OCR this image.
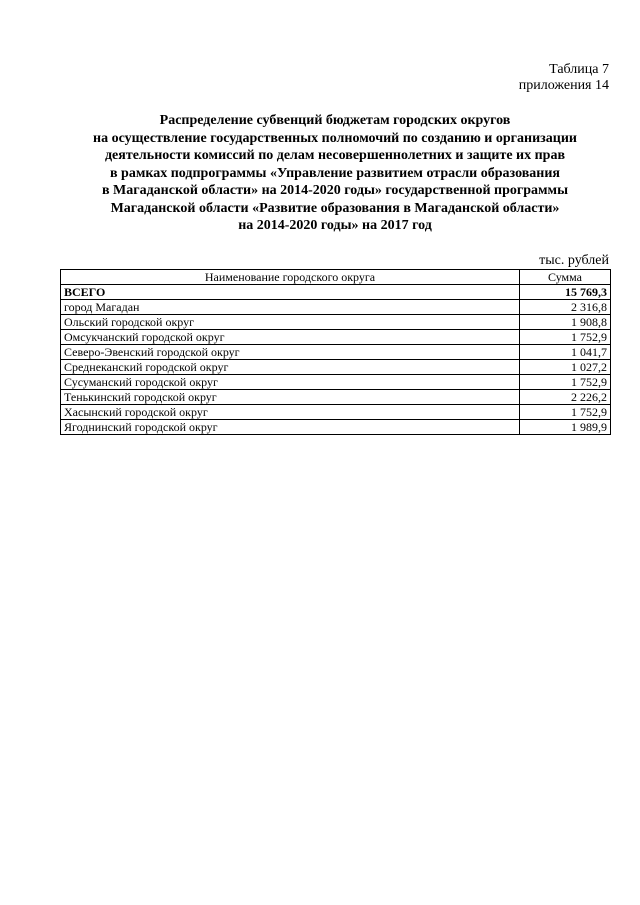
Таблица 7
приложения 14
Распределение субвенций бюджетам городских округов
на осуществление государственных полномочий по созданию и организации
деятельности комиссий по делам несовершеннолетних и защите их прав
в рамках подпрограммы «Управление развитием отрасли образования
в Магаданской области» на 2014-2020 годы» государственной программы
Магаданской области «Развитие образования в Магаданской области»
на 2014-2020 годы» на 2017 год
тыс. рублей
Наименование городского округа	Сумма
ВСЕГО	15 769,3
город Магадан	2 316,8
Ольский городской округ	1 908,8
Омсукчанский городской округ	1 752,9
Северо-Эвенский городской округ	1 041,7
Среднеканский городской округ	1 027,2
Сусуманский городской округ	1 752,9
Тенькинский городской округ	2 226,2
Хасынский городской округ	1 752,9
Ягоднинский городской округ	1 989,9
